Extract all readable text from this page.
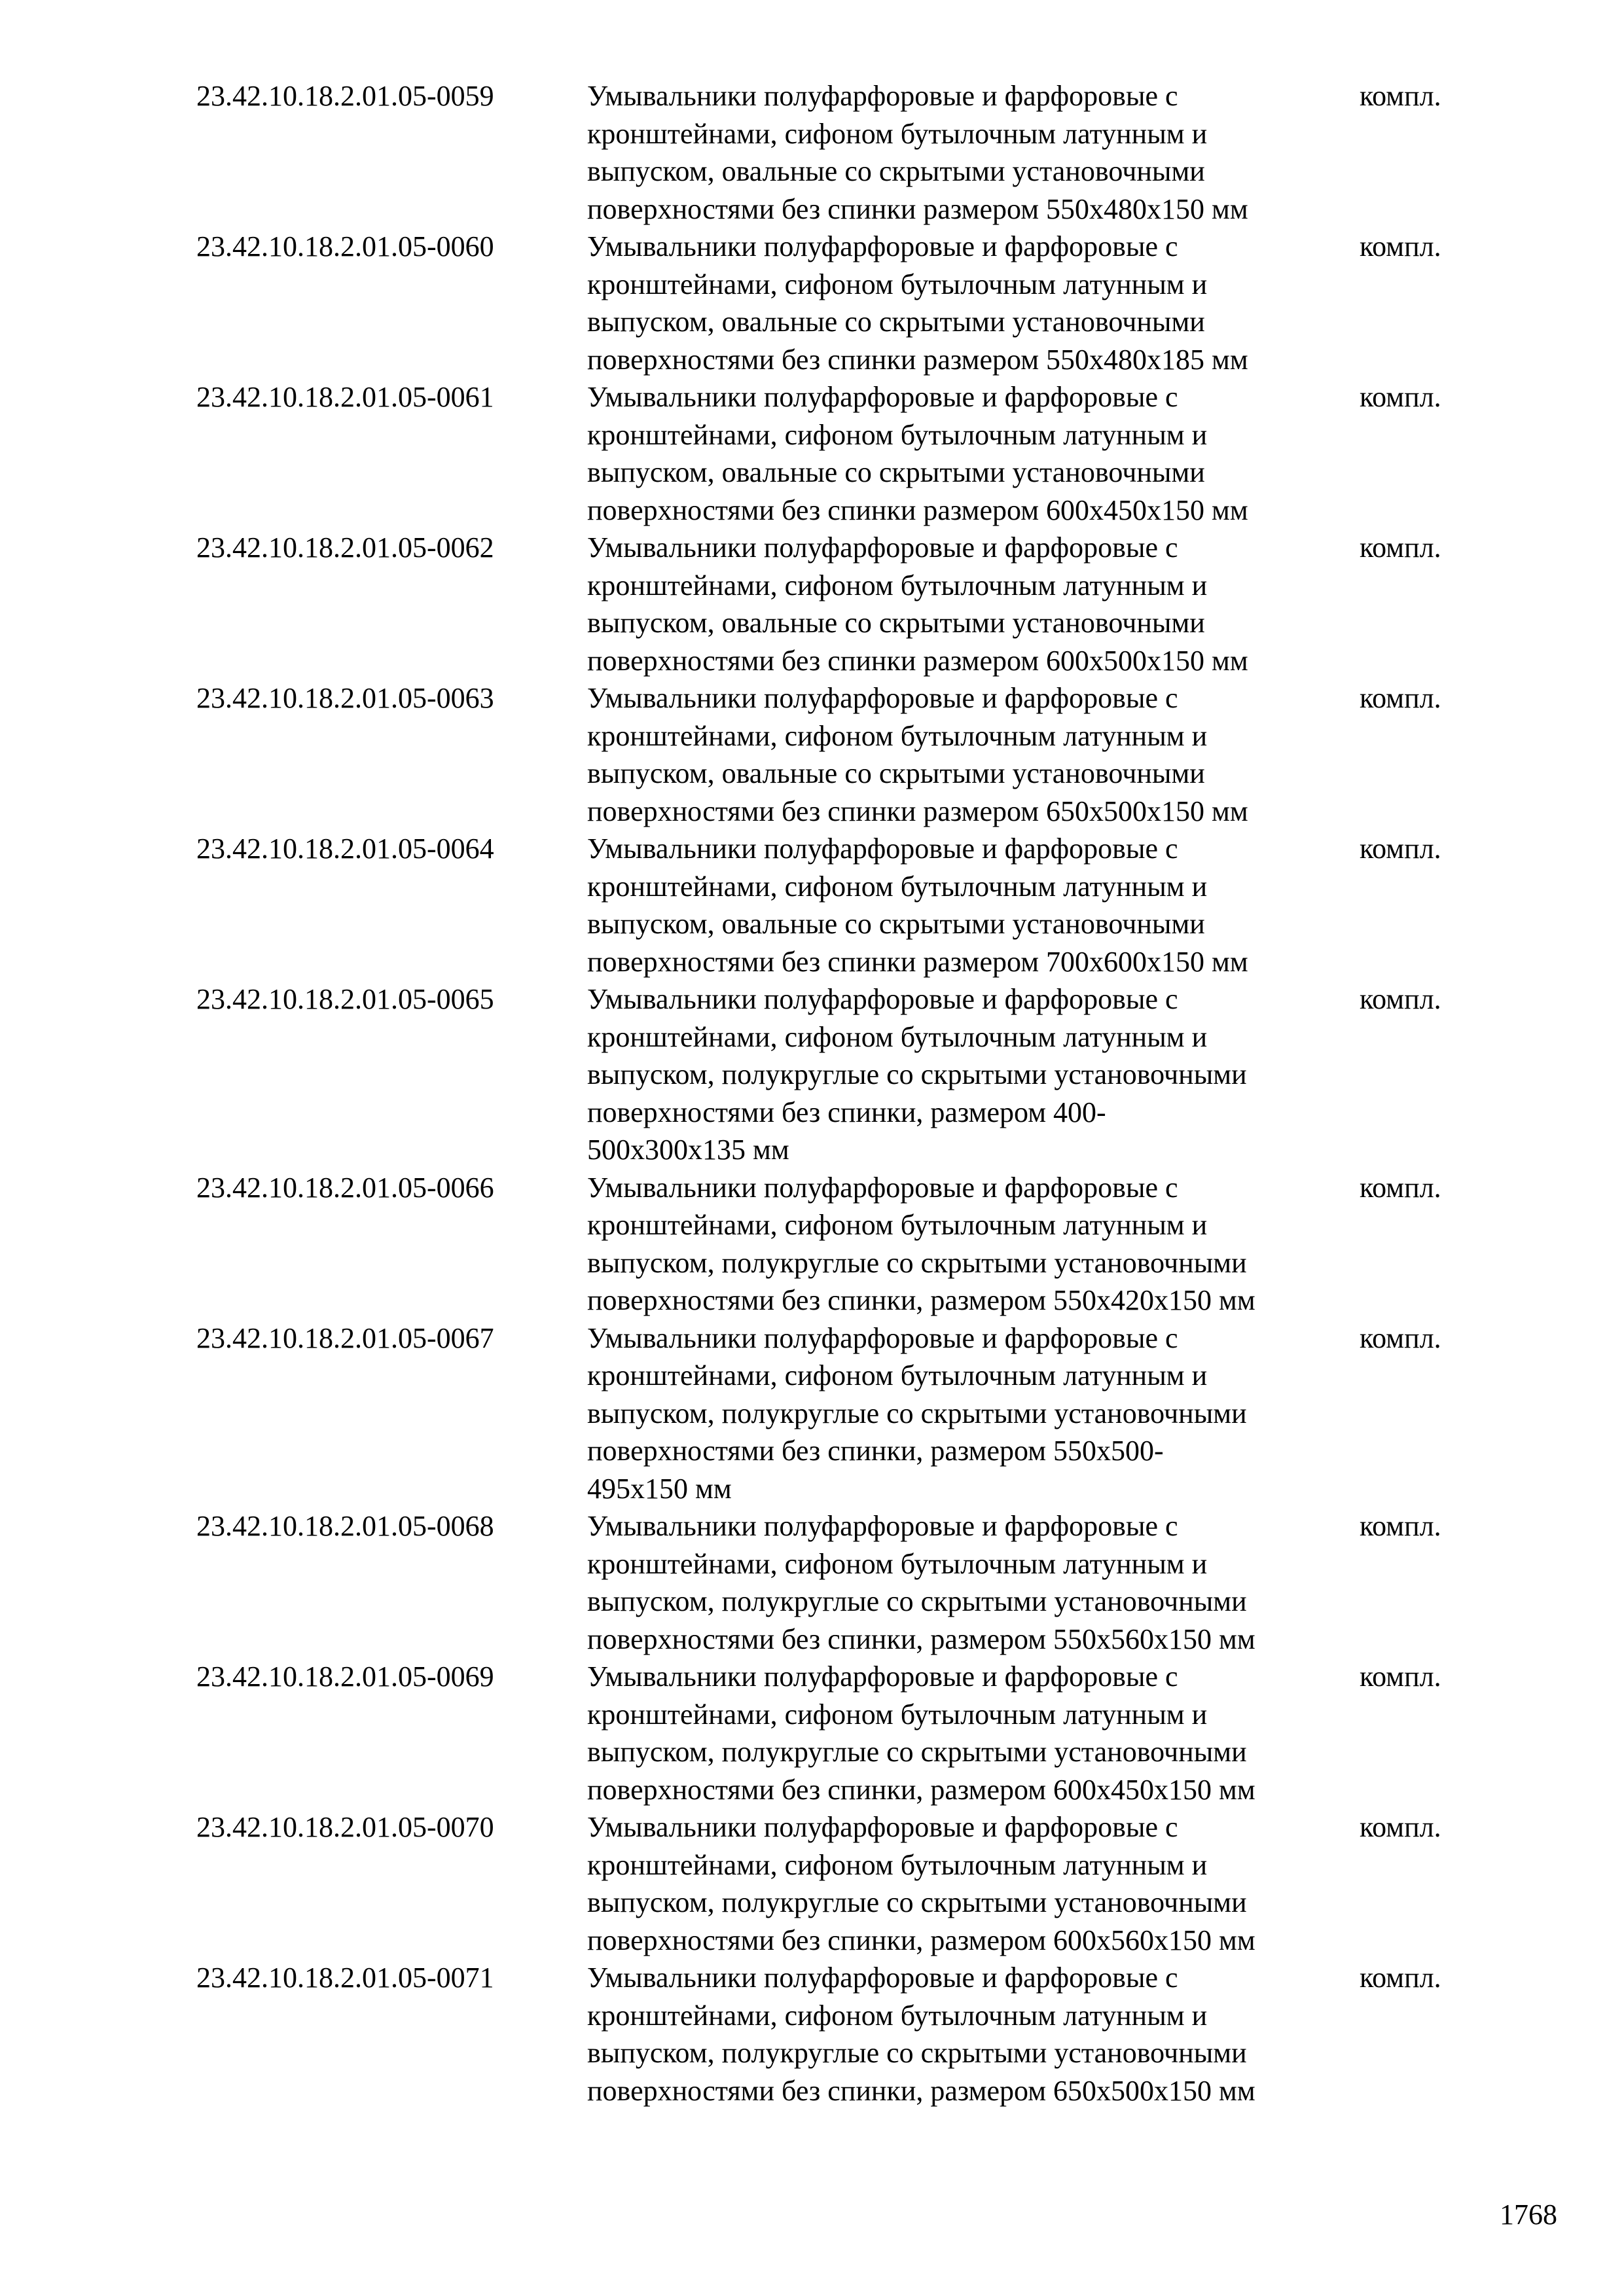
23.42.10.18.2.01.05-0059	Умывальники полуфарфоровые и фарфоровые с
кронштейнами, сифоном бутылочным латунным и
выпуском, овальные со скрытыми установочными
поверхностями без спинки размером 550х480х150 мм
компл.
23.42.10.18.2.01.05-0060	Умывальники полуфарфоровые и фарфоровые с
кронштейнами, сифоном бутылочным латунным и
выпуском, овальные со скрытыми установочными
поверхностями без спинки размером 550х480х185 мм
компл.
23.42.10.18.2.01.05-0061	Умывальники полуфарфоровые и фарфоровые с
кронштейнами, сифоном бутылочным латунным и
выпуском, овальные со скрытыми установочными
поверхностями без спинки размером 600х450х150 мм
компл.
23.42.10.18.2.01.05-0062	Умывальники полуфарфоровые и фарфоровые с
кронштейнами, сифоном бутылочным латунным и
выпуском, овальные со скрытыми установочными
поверхностями без спинки размером 600х500х150 мм
компл.
23.42.10.18.2.01.05-0063	Умывальники полуфарфоровые и фарфоровые с
кронштейнами, сифоном бутылочным латунным и
выпуском, овальные со скрытыми установочными
поверхностями без спинки размером 650х500х150 мм
компл.
23.42.10.18.2.01.05-0064	Умывальники полуфарфоровые и фарфоровые с
кронштейнами, сифоном бутылочным латунным и
выпуском, овальные со скрытыми установочными
поверхностями без спинки размером 700х600х150 мм
компл.
23.42.10.18.2.01.05-0065	Умывальники полуфарфоровые и фарфоровые с
кронштейнами, сифоном бутылочным латунным и
выпуском, полукруглые со скрытыми установочными
поверхностями без спинки, размером 400-
500х300х135 мм
компл.
23.42.10.18.2.01.05-0066	Умывальники полуфарфоровые и фарфоровые с
кронштейнами, сифоном бутылочным латунным и
выпуском, полукруглые со скрытыми установочными
поверхностями без спинки, размером 550х420х150 мм
компл.
23.42.10.18.2.01.05-0067	Умывальники полуфарфоровые и фарфоровые с
кронштейнами, сифоном бутылочным латунным и
выпуском, полукруглые со скрытыми установочными
поверхностями без спинки, размером 550х500-
495х150 мм
компл.
23.42.10.18.2.01.05-0068	Умывальники полуфарфоровые и фарфоровые с
кронштейнами, сифоном бутылочным латунным и
выпуском, полукруглые со скрытыми установочными
поверхностями без спинки, размером 550х560х150 мм
компл.
23.42.10.18.2.01.05-0069	Умывальники полуфарфоровые и фарфоровые с
кронштейнами, сифоном бутылочным латунным и
выпуском, полукруглые со скрытыми установочными
поверхностями без спинки, размером 600х450х150 мм
компл.
23.42.10.18.2.01.05-0070	Умывальники полуфарфоровые и фарфоровые с
кронштейнами, сифоном бутылочным латунным и
выпуском, полукруглые со скрытыми установочными
поверхностями без спинки, размером 600х560х150 мм
компл.
23.42.10.18.2.01.05-0071	Умывальники полуфарфоровые и фарфоровые с
кронштейнами, сифоном бутылочным латунным и
выпуском, полукруглые со скрытыми установочными
поверхностями без спинки, размером 650х500х150 мм
компл.
1768
